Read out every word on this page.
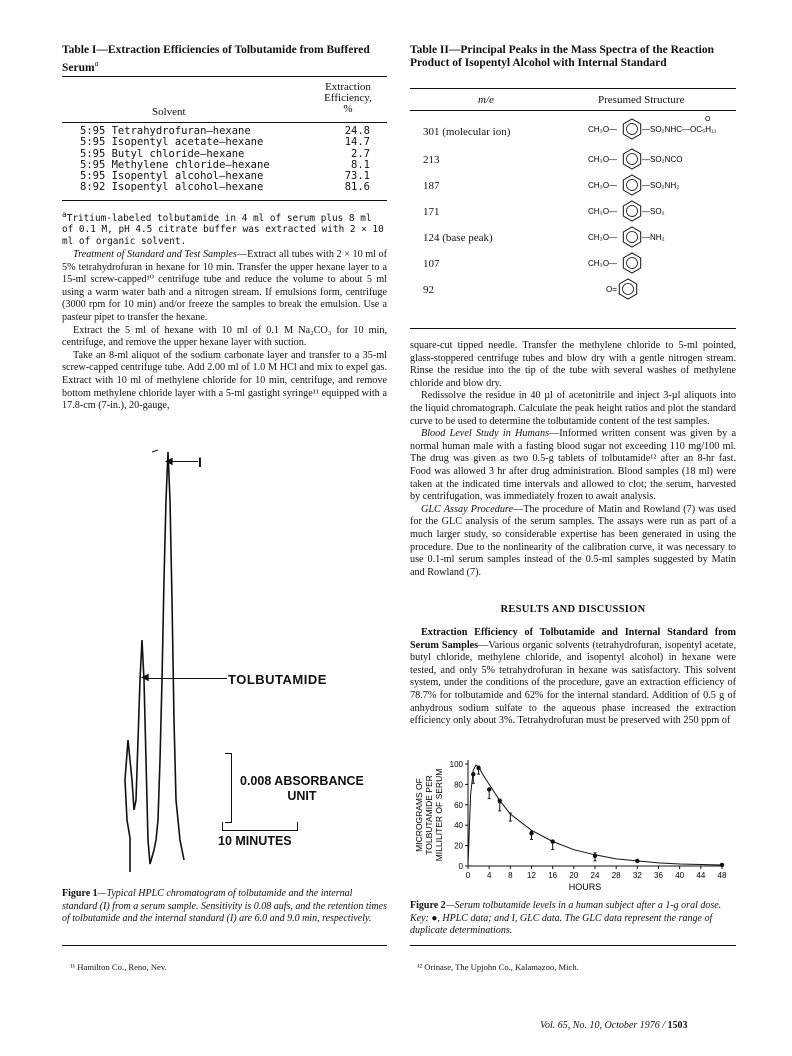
Table I—Extraction Efficiencies of Tolbutamide from Buffered Serum$^a$
Solvent
Extraction
Efficiency,
%
5:95 Tetrahydrofuran–hexane	24.8
5:95 Isopentyl acetate–hexane	14.7
5:95 Butyl chloride–hexane	2.7
5:95 Methylene chloride–hexane	8.1
5:95 Isopentyl alcohol–hexane	73.1
8:92 Isopentyl alcohol–hexane	81.6
$^a$Tritium-labeled tolbutamide in 4 ml of serum plus 8 ml of 0.1 M, pH 4.5 citrate buffer was extracted with 2 × 10 ml of organic solvent.

Treatment of Standard and Test Samples—Extract all tubes with 2 × 10 ml of 5% tetrahydrofuran in hexane for 10 min. Transfer the upper hexane layer to a 15-ml screw-capped¹⁰ centrifuge tube and reduce the volume to about 5 ml using a warm water bath and a nitrogen stream. If emulsions form, centrifuge (3000 rpm for 10 min) and/or freeze the samples to break the emulsion. Use a pasteur pipet to transfer the hexane.

Extract the 5 ml of hexane with 10 ml of 0.1 M Na₂CO₃ for 10 min, centrifuge, and remove the upper hexane layer with suction.

Take an 8-ml aliquot of the sodium carbonate layer and transfer to a 35-ml screw-capped centrifuge tube. Add 2.00 ml of 1.0 M HCl and mix to expel gas. Extract with 10 ml of methylene chloride for 10 min, centrifuge, and remove bottom methylene chloride layer with a 5-ml gastight syringe¹¹ equipped with a 17.8-cm (7-in.), 20-gauge,

◀ I
◀	TOLBUTAMIDE
0.008 ABSORBANCE
UNIT
10 MINUTES
Figure 1—Typical HPLC chromatogram of tolbutamide and the internal standard (I) from a serum sample. Sensitivity is 0.08 aufs, and the retention times of tolbutamide and the internal standard (I) are 6.0 and 9.0 min, respectively.
¹¹ Hamilton Co., Reno, Nev.
Table II—Principal Peaks in the Mass Spectra of the Reaction Product of Isopentyl Alcohol with Internal Standard
m/e	Presumed Structure
301 (molecular ion)	CH₃O—	—SO₂NHC—OC₅H₁₁
O
213	CH₃O—	—SO₂NCO
187	CH₃O—	—SO₂NH₂
171	CH₃O—	—SO₂
124 (base peak)	CH₃O—	—NH₂
107	CH₃O—
92	O=

square-cut tipped needle. Transfer the methylene chloride to 5-ml pointed, glass-stoppered centrifuge tubes and blow dry with a gentle nitrogen stream. Rinse the residue into the tip of the tube with several washes of methylene chloride and blow dry.

Redissolve the residue in 40 µl of acetonitrile and inject 3-µl aliquots into the liquid chromatograph. Calculate the peak height ratios and plot the standard curve to be used to determine the tolbutamide content of the test samples.

Blood Level Study in Humans—Informed written consent was given by a normal human male with a fasting blood sugar not exceeding 110 mg/100 ml. The drug was given as two 0.5-g tablets of tolbutamide¹² after an 8-hr fast. Food was allowed 3 hr after drug administration. Blood samples (18 ml) were taken at the indicated time intervals and allowed to clot; the serum, harvested by centrifugation, was immediately frozen to await analysis.

GLC Assay Procedure—The procedure of Matin and Rowland (7) was used for the GLC analysis of the serum samples. The assays were run as part of a much larger study, so considerable expertise has been generated in using the procedure. Due to the nonlinearity of the calibration curve, it was necessary to use 0.1-ml serum samples instead of the 0.5-ml samples suggested by Matin and Rowland (7).

RESULTS AND DISCUSSION

Extraction Efficiency of Tolbutamide and Internal Standard from Serum Samples—Various organic solvents (tetrahydrofuran, isopentyl acetate, butyl chloride, methylene chloride, and isopentyl alcohol) in hexane were tested, and only 5% tetrahydrofuran in hexane was satisfactory. This solvent system, under the conditions of the procedure, gave an extraction efficiency of 78.7% for tolbutamide and 62% for the internal standard. Addition of 0.5 g of anhydrous sodium sulfate to the aqueous phase increased the extraction efficiency only about 3%. Tetrahydrofuran must be preserved with 250 ppm of

0 4 8 12 16 20 24 28 32 36 40 44 48
0
20
40
60
80
100
HOURS
MICROGRAMS OF TOLBUTAMIDE PER MILLILITER OF SERUM
Figure 2—Serum tolbutamide levels in a human subject after a 1-g oral dose. Key: ●, HPLC data; and I, GLC data. The GLC data represent the range of duplicate determinations.
¹² Orinase, The Upjohn Co., Kalamazoo, Mich.
Vol. 65, No. 10, October 1976 / 1503
